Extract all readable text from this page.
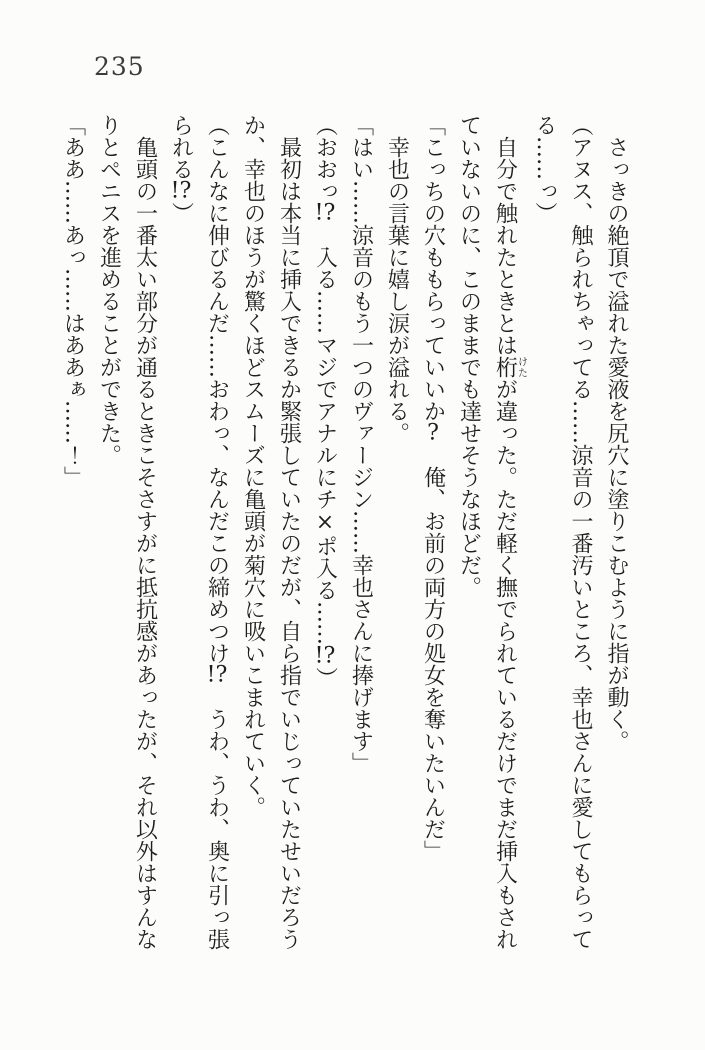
235

さっきの絶頂で溢れた愛液を尻穴に塗りこむように指が動く。

（アヌス、触られちゃってる……涼音の一番汚いところ、幸也さんに愛してもらってる……っ）

自分で触れたときとは桁けたが違った。ただ軽く撫でられているだけでまだ挿入もされていないのに、このままでも達せそうなほどだ。

「こっちの穴ももらっていいか?　俺、お前の両方の処女を奪いたいんだ」

幸也の言葉に嬉し涙が溢れる。

「はい……涼音のもう一つのヴァージン……幸也さんに捧げます」

（おおっ!?　入る……マジでアナルにチ×ポ入る……!?）

最初は本当に挿入できるか緊張していたのだが、自ら指でいじっていたせいだろうか、幸也のほうが驚くほどスムーズに亀頭が菊穴に吸いこまれていく。

（こんなに伸びるんだ……おわっ、なんだこの締めつけ!?　うわ、うわ、奥に引っ張られる!?）

亀頭の一番太い部分が通るときこそさすがに抵抗感があったが、それ以外はすんなりとペニスを進めることができた。

「ああ……あっ……はああぁ……！」
